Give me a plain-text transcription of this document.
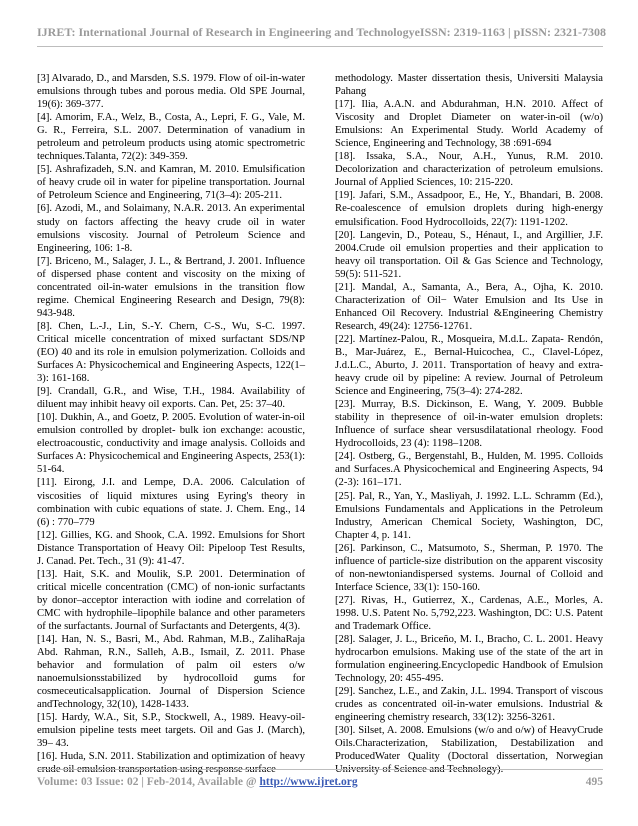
IJRET: International Journal of Research in Engineering and Technology eISSN: 2319-1163 | pISSN: 2321-7308

[3] Alvarado, D., and Marsden, S.S. 1979. Flow of oil-in-water emulsions through tubes and porous media. Old SPE Journal, 19(6): 369-377.

[4]. Amorim, F.A., Welz, B., Costa, A., Lepri, F. G., Vale, M. G. R., Ferreira, S.L. 2007. Determination of vanadium in petroleum and petroleum products using atomic spectrometric techniques.Talanta, 72(2): 349-359.

[5]. Ashrafizadeh, S.N. and Kamran, M. 2010. Emulsification of heavy crude oil in water for pipeline transportation. Journal of Petroleum Science and Engineering, 71(3–4): 205-211.

[6]. Azodi, M., and Solaimany, N.A.R. 2013. An experimental study on factors affecting the heavy crude oil in water emulsions viscosity. Journal of Petroleum Science and Engineering, 106: 1-8.

[7]. Briceno, M., Salager, J. L., & Bertrand, J. 2001. Influence of dispersed phase content and viscosity on the mixing of concentrated oil-in-water emulsions in the transition flow regime. Chemical Engineering Research and Design, 79(8): 943-948.

[8]. Chen, L.-J., Lin, S.-Y. Chern, C-S., Wu, S-C. 1997. Critical micelle concentration of mixed surfactant SDS/NP (EO) 40 and its role in emulsion polymerization. Colloids and Surfaces A: Physicochemical and Engineering Aspects, 122(1–3): 161-168.

[9]. Crandall, G.R., and Wise, T.H., 1984. Availability of diluent may inhibit heavy oil exports. Can. Pet, 25: 37–40.

[10]. Dukhin, A., and Goetz, P. 2005. Evolution of water-in-oil emulsion controlled by droplet- bulk ion exchange: acoustic, electroacoustic, conductivity and image analysis. Colloids and Surfaces A: Physicochemical and Engineering Aspects, 253(1): 51-64.

[11]. Eirong, J.I. and Lempe, D.A. 2006. Calculation of viscosities of liquid mixtures using Eyring's theory in combination with cubic equations of state. J. Chem. Eng., 14 (6) : 770–779

[12]. Gillies, KG. and Shook, C.A. 1992. Emulsions for Short Distance Transportation of Heavy Oil: Pipeloop Test Results, J. Canad. Pet. Tech., 31 (9): 41-47.

[13]. Hait, S.K. and Moulik, S.P. 2001. Determination of critical micelle concentration (CMC) of non-ionic surfactants by donor–acceptor interaction with iodine and correlation of CMC with hydrophile–lipophile balance and other parameters of the surfactants. Journal of Surfactants and Detergents, 4(3).

[14]. Han, N. S., Basri, M., Abd. Rahman, M.B., ZalihaRaja Abd. Rahman, R.N., Salleh, A.B., Ismail, Z. 2011. Phase behavior and formulation of palm oil esters o/w nanoemulsionsstabilized by hydrocolloid gums for cosmeceuticalsapplication. Journal of Dispersion Science andTechnology, 32(10), 1428-1433.

[15]. Hardy, W.A., Sit, S.P., Stockwell, A., 1989. Heavy-oil-emulsion pipeline tests meet targets. Oil and Gas J. (March), 39– 43.

[16]. Huda, S.N. 2011. Stabilization and optimization of heavy crude oil emulsion transportation using response surface

methodology. Master dissertation thesis, Universiti Malaysia Pahang

[17]. Ilia, A.A.N. and Abdurahman, H.N. 2010. Affect of Viscosity and Droplet Diameter on water-in-oil (w/o) Emulsions: An Experimental Study. World Academy of Science, Engineering and Technology, 38 :691-694

[18]. Issaka, S.A., Nour, A.H., Yunus, R.M. 2010. Decolorization and characterization of petroleum emulsions. Journal of Applied Sciences, 10: 215-220.

[19]. Jafari, S.M., Assadpoor, E., He, Y., Bhandari, B. 2008. Re-coalescence of emulsion droplets during high-energy emulsification. Food Hydrocolloids, 22(7): 1191-1202.

[20]. Langevin, D., Poteau, S., Hénaut, I., and Argillier, J.F. 2004.Crude oil emulsion properties and their application to heavy oil transportation. Oil & Gas Science and Technology, 59(5): 511-521.

[21]. Mandal, A., Samanta, A., Bera, A., Ojha, K. 2010. Characterization of Oil− Water Emulsion and Its Use in Enhanced Oil Recovery. Industrial &Engineering Chemistry Research, 49(24): 12756-12761.

[22]. Martínez-Palou, R., Mosqueira, M.d.L. Zapata- Rendón, B., Mar-Juárez, E., Bernal-Huicochea, C., Clavel-López, J.d.L.C., Aburto, J. 2011. Transportation of heavy and extra-heavy crude oil by pipeline: A review. Journal of Petroleum Science and Engineering, 75(3–4): 274-282.

[23]. Murray, B.S. Dickinson, E. Wang, Y. 2009. Bubble stability in thepresence of oil-in-water emulsion droplets: Influence of surface shear versusdilatational rheology. Food Hydrocolloids, 23 (4): 1198–1208.

[24]. Ostberg, G., Bergenstahl, B., Hulden, M. 1995. Colloids and Surfaces.A Physicochemical and Engineering Aspects, 94 (2-3): 161–171.

[25]. Pal, R., Yan, Y., Masliyah, J. 1992. L.L. Schramm (Ed.), Emulsions Fundamentals and Applications in the Petroleum Industry, American Chemical Society, Washington, DC, Chapter 4, p. 141.

[26]. Parkinson, C., Matsumoto, S., Sherman, P. 1970. The influence of particle-size distribution on the apparent viscosity of non-newtoniandispersed systems. Journal of Colloid and Interface Science, 33(1): 150-160.

[27]. Rivas, H., Gutierrez, X., Cardenas, A.E., Morles, A. 1998. U.S. Patent No. 5,792,223. Washington, DC: U.S. Patent and Trademark Office.

[28]. Salager, J. L., Briceño, M. I., Bracho, C. L. 2001. Heavy hydrocarbon emulsions. Making use of the state of the art in formulation engineering.Encyclopedic Handbook of Emulsion Technology, 20: 455-495.

[29]. Sanchez, L.E., and Zakin, J.L. 1994. Transport of viscous crudes as concentrated oil-in-water emulsions. Industrial & engineering chemistry research, 33(12): 3256-3261.

[30]. Silset, A. 2008. Emulsions (w/o and o/w) of HeavyCrude Oils.Characterization, Stabilization, Destabilization and ProducedWater Quality (Doctoral dissertation, Norwegian University of Science and Technology).

Volume: 03 Issue: 02 | Feb-2014, Available @ http://www.ijret.org	495
